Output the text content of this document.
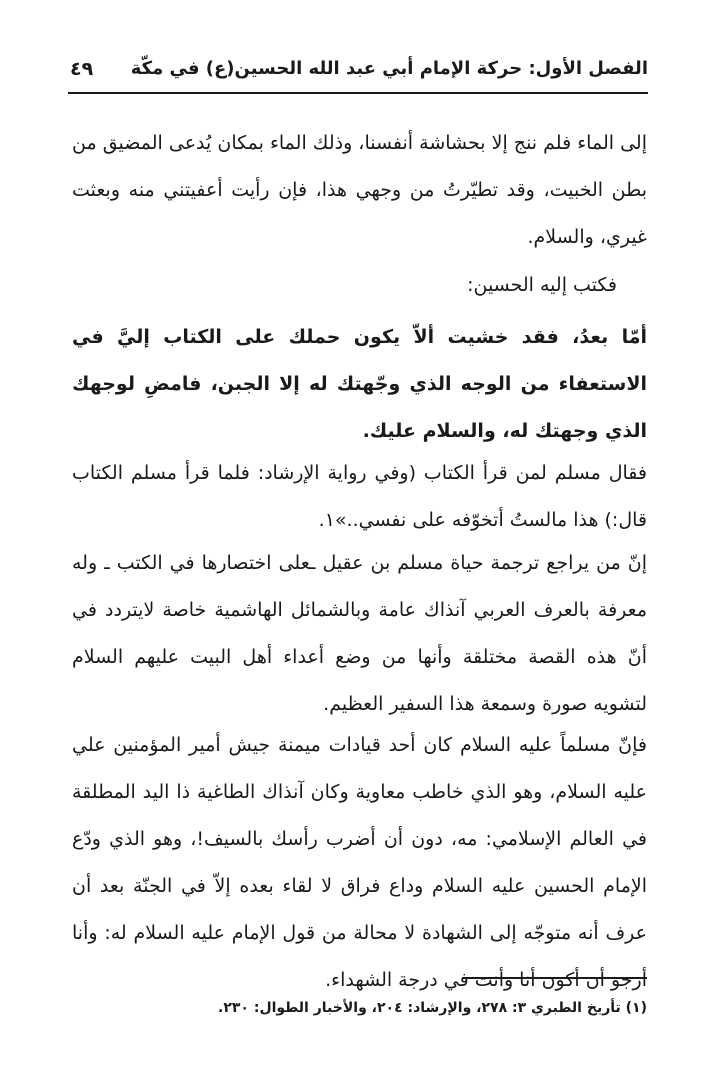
الفصل الأول: حركة الإمام أبي عبد الله الحسين(ع) في مكّة
٤٩

إلى الماء فلم ننج إلا بحشاشة أنفسنا، وذلك الماء بمكان يُدعى المضيق من بطن الخبيت، وقد تطيّرتُ من وجهي هذا، فإن رأيت أعفيتني منه وبعثت غيري، والسلام.

فكتب إليه الحسين:

أمّا بعدُ، فقد خشيت ألاّ يكون حملك على الكتاب إليَّ في الاستعفاء من الوجه الذي وجّهتك له إلا الجبن، فامضِ لوجهك الذي وجهتك له، والسلام عليك.

فقال مسلم لمن قرأ الكتاب (وفي رواية الإرشاد: فلما قرأ مسلم الكتاب قال:) هذا مالستُ أتخوّفه على نفسي..»١.

إنّ من يراجع ترجمة حياة مسلم بن عقيل ـعلى اختصارها في الكتب ـ وله معرفة بالعرف العربي آنذاك عامة وبالشمائل الهاشمية خاصة لايتردد في أنّ هذه القصة مختلقة وأنها من وضع أعداء أهل البيت عليهم السلام لتشويه صورة وسمعة هذا السفير العظيم.

فإنّ مسلماً عليه السلام كان أحد قيادات ميمنة جيش أمير المؤمنين علي عليه السلام، وهو الذي خاطب معاوية وكان آنذاك الطاغية ذا اليد المطلقة في العالم الإسلامي: مه، دون أن أضرب رأسك بالسيف!، وهو الذي ودّع الإمام الحسين عليه السلام وداع فراق لا لقاء بعده إلاّ في الجنّة بعد أن عرف أنه متوجّه إلى الشهادة لا محالة من قول الإمام عليه السلام له: وأنا أرجو أن أكون أنا وأنت في درجة الشهداء.

(١) تأريخ الطبري ٣: ٢٧٨، والإرشاد: ٢٠٤، والأخبار الطوال: ٢٣٠.
